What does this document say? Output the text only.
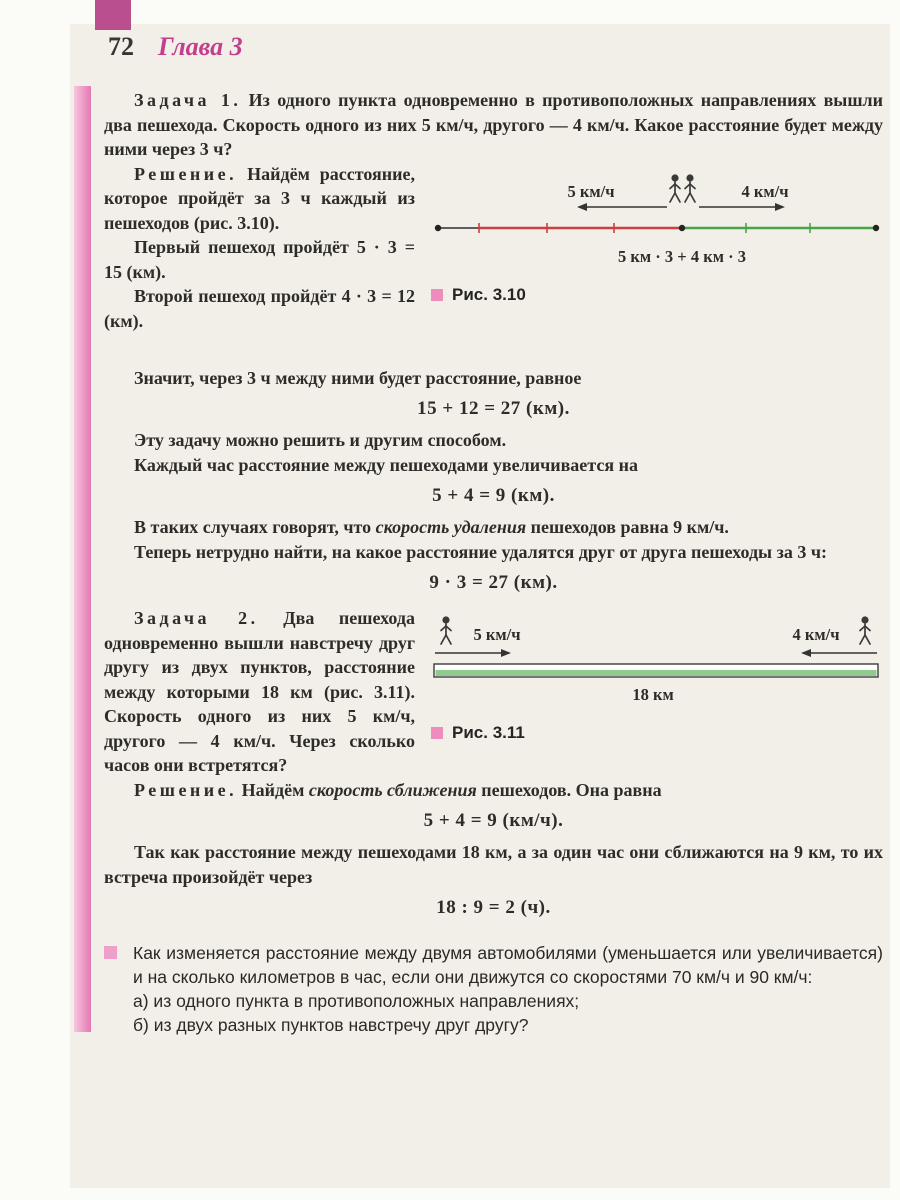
72 Глава 3

Задача 1. Из одного пункта одновременно в противоположных направлениях вышли два пешехода. Скорость одного из них 5 км/ч, другого — 4 км/ч. Какое расстояние будет между ними через 3 ч?

5 км/ч	4 км/ч
5 км · 3 + 4 км · 3
Рис. 3.10

Решение. Найдём расстояние, которое пройдёт за 3 ч каждый из пешеходов (рис. 3.10).

Первый пешеход пройдёт 5 · 3 = 15 (км).

Второй пешеход пройдёт 4 · 3 = 12 (км).

Значит, через 3 ч между ними будет расстояние, равное

15 + 12 = 27 (км).

Эту задачу можно решить и другим способом.

Каждый час расстояние между пешеходами увеличивается на

5 + 4 = 9 (км).

В таких случаях говорят, что скорость удаления пешеходов равна 9 км/ч.

Теперь нетрудно найти, на какое расстояние удалятся друг от друга пешеходы за 3 ч:

9 · 3 = 27 (км).

5 км/ч	4 км/ч
18 км
Рис. 3.11

Задача 2. Два пешехода одновременно вышли навстречу друг другу из двух пунктов, расстояние между которыми 18 км (рис. 3.11). Скорость одного из них 5 км/ч, другого — 4 км/ч. Через сколько часов они встретятся?

Решение. Найдём скорость сближения пешеходов. Она равна

5 + 4 = 9 (км/ч).

Так как расстояние между пешеходами 18 км, а за один час они сближаются на 9 км, то их встреча произойдёт через

18 : 9 = 2 (ч).

Как изменяется расстояние между двумя автомобилями (уменьшается или увеличивается) и на сколько километров в час, если они движутся со скоростями 70 км/ч и 90 км/ч:

а) из одного пункта в противоположных направлениях;

б) из двух разных пунктов навстречу друг другу?
